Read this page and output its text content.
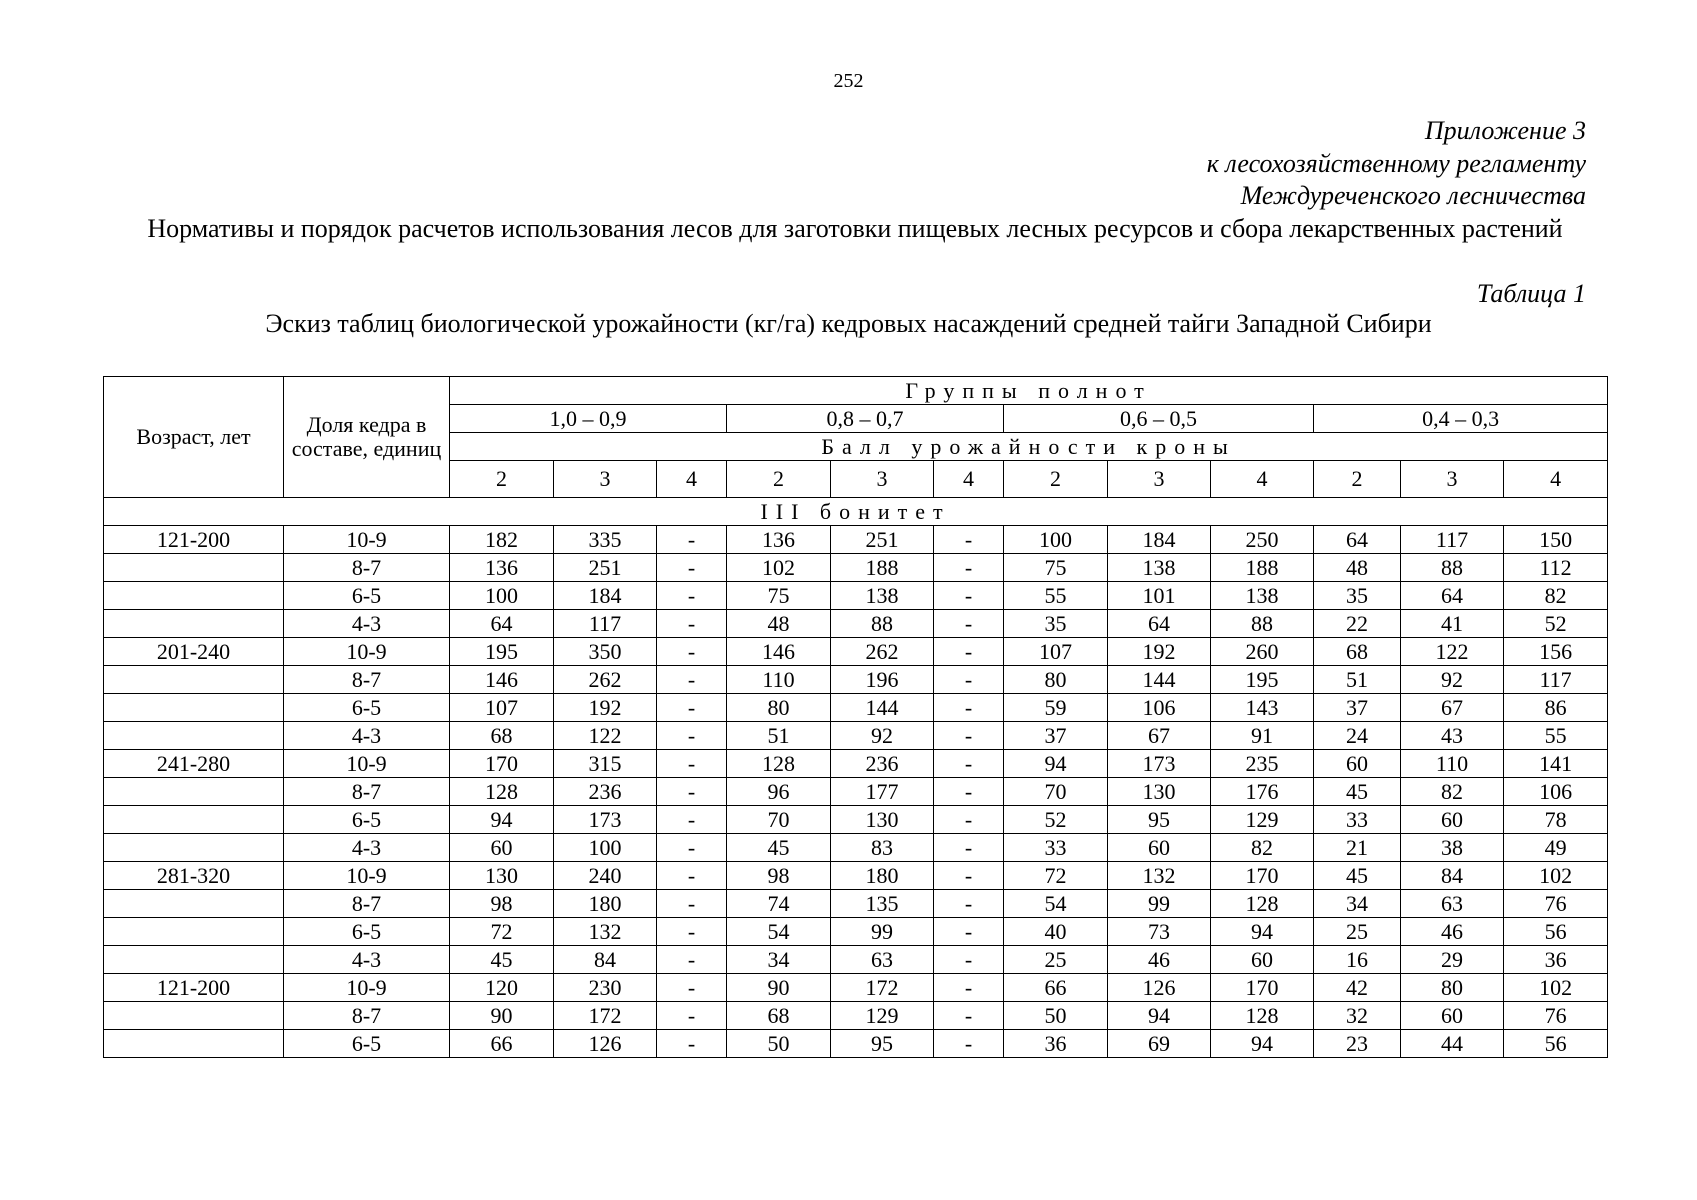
252
Приложение 3
к лесохозяйственному регламенту
Междуреченского лесничества
Нормативы и порядок расчетов использования лесов для заготовки пищевых лесных ресурсов и сбора лекарственных растений
Таблица 1
Эскиз таблиц биологической урожайности (кг/га) кедровых насаждений средней тайги Западной Сибири
Возраст, лет	Доля кедра в составе, единиц	Группы полнот											
		1,0 – 0,9			0,8 – 0,7			0,6 – 0,5			0,4 – 0,3		
		Балл урожайности кроны											
		2	3	4	2	3	4	2	3	4	2	3	4
III бонитет													
121-200	10-9	182	335	-	136	251	-	100	184	250	64	117	150
	8-7	136	251	-	102	188	-	75	138	188	48	88	112
	6-5	100	184	-	75	138	-	55	101	138	35	64	82
	4-3	64	117	-	48	88	-	35	64	88	22	41	52
201-240	10-9	195	350	-	146	262	-	107	192	260	68	122	156
	8-7	146	262	-	110	196	-	80	144	195	51	92	117
	6-5	107	192	-	80	144	-	59	106	143	37	67	86
	4-3	68	122	-	51	92	-	37	67	91	24	43	55
241-280	10-9	170	315	-	128	236	-	94	173	235	60	110	141
	8-7	128	236	-	96	177	-	70	130	176	45	82	106
	6-5	94	173	-	70	130	-	52	95	129	33	60	78
	4-3	60	100	-	45	83	-	33	60	82	21	38	49
281-320	10-9	130	240	-	98	180	-	72	132	170	45	84	102
	8-7	98	180	-	74	135	-	54	99	128	34	63	76
	6-5	72	132	-	54	99	-	40	73	94	25	46	56
	4-3	45	84	-	34	63	-	25	46	60	16	29	36
121-200	10-9	120	230	-	90	172	-	66	126	170	42	80	102
	8-7	90	172	-	68	129	-	50	94	128	32	60	76
	6-5	66	126	-	50	95	-	36	69	94	23	44	56
